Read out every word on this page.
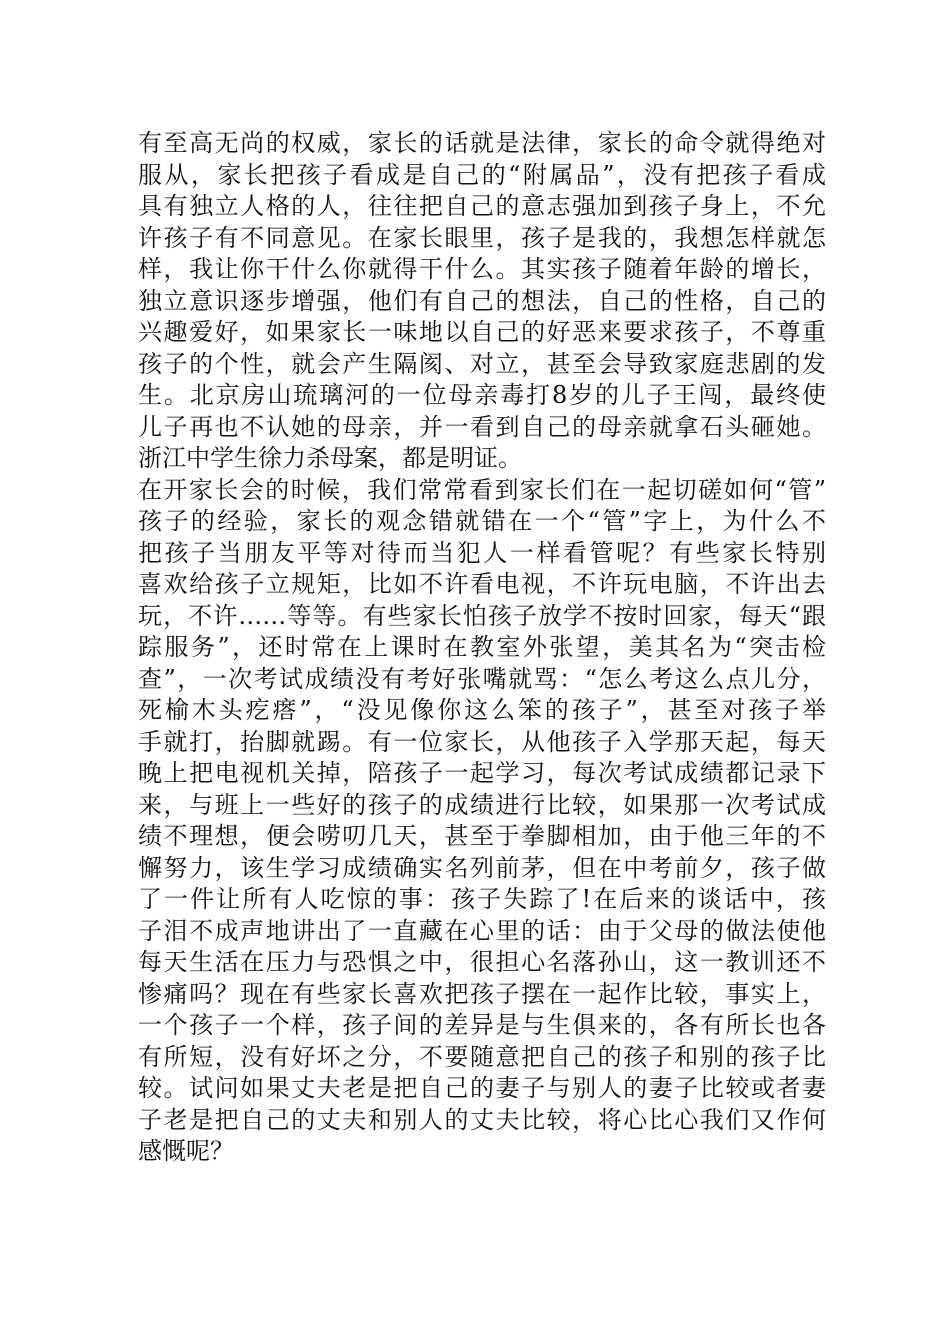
有至高无尚的权威，家长的话就是法律，家长的命令就得绝对
服从，家长把孩子看成是自己的“附属品”，没有把孩子看成
具有独立人格的人，往往把自己的意志强加到孩子身上，不允
许孩子有不同意见。在家长眼里，孩子是我的，我想怎样就怎
样，我让你干什么你就得干什么。其实孩子随着年龄的增长，
独立意识逐步增强，他们有自己的想法，自己的性格，自己的
兴趣爱好，如果家长一味地以自己的好恶来要求孩子，不尊重
孩子的个性，就会产生隔阂、对立，甚至会导致家庭悲剧的发
生。北京房山琉璃河的一位母亲毒打8岁的儿子王闯，最终使
儿子再也不认她的母亲，并一看到自己的母亲就拿石头砸她。
浙江中学生徐力杀母案，都是明证。
在开家长会的时候，我们常常看到家长们在一起切磋如何“管”
孩子的经验，家长的观念错就错在一个“管”字上，为什么不
把孩子当朋友平等对待而当犯人一样看管呢？有些家长特别
喜欢给孩子立规矩，比如不许看电视，不许玩电脑，不许出去
玩，不许……等等。有些家长怕孩子放学不按时回家，每天“跟
踪服务”，还时常在上课时在教室外张望，美其名为“突击检
查”，一次考试成绩没有考好张嘴就骂：“怎么考这么点儿分，
死榆木头疙瘩”，“没见像你这么笨的孩子”，甚至对孩子举
手就打，抬脚就踢。有一位家长，从他孩子入学那天起，每天
晚上把电视机关掉，陪孩子一起学习，每次考试成绩都记录下
来，与班上一些好的孩子的成绩进行比较，如果那一次考试成
绩不理想，便会唠叨几天，甚至于拳脚相加，由于他三年的不
懈努力，该生学习成绩确实名列前茅，但在中考前夕，孩子做
了一件让所有人吃惊的事：孩子失踪了!在后来的谈话中，孩
子泪不成声地讲出了一直藏在心里的话：由于父母的做法使他
每天生活在压力与恐惧之中，很担心名落孙山，这一教训还不
惨痛吗？现在有些家长喜欢把孩子摆在一起作比较，事实上，
一个孩子一个样，孩子间的差异是与生俱来的，各有所长也各
有所短，没有好坏之分，不要随意把自己的孩子和别的孩子比
较。试问如果丈夫老是把自己的妻子与别人的妻子比较或者妻
子老是把自己的丈夫和别人的丈夫比较，将心比心我们又作何
感慨呢？
